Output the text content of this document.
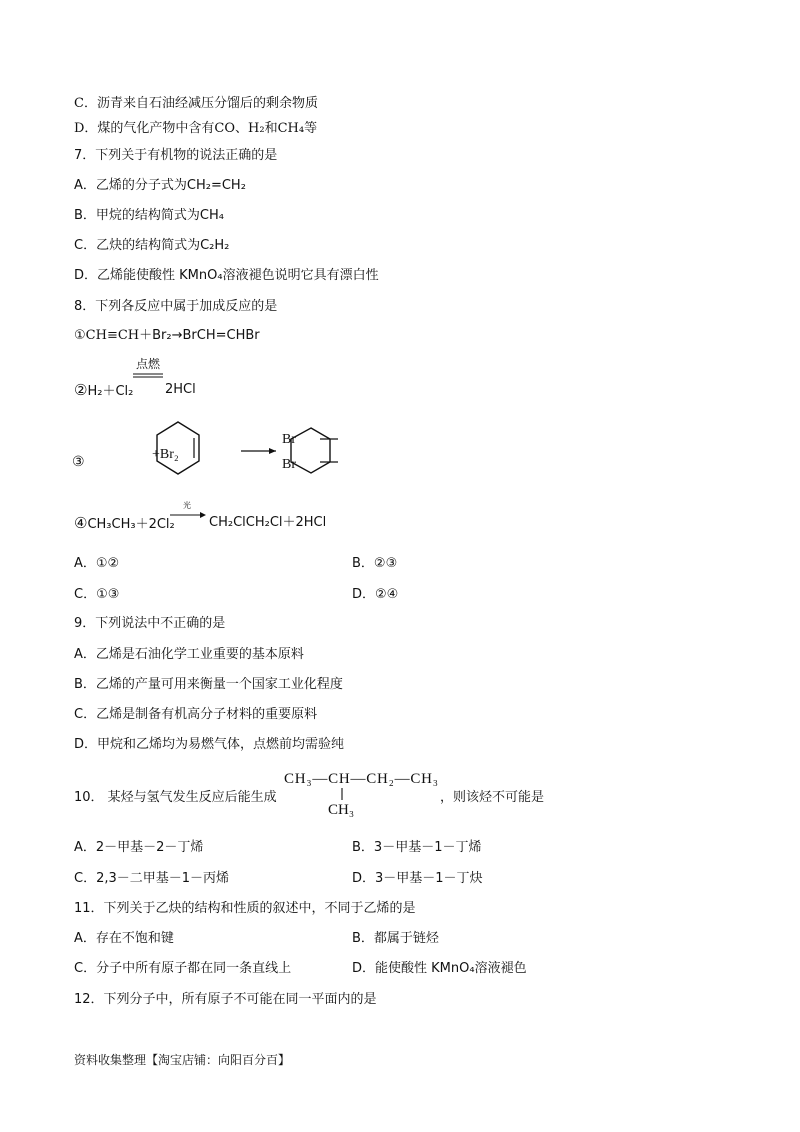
C．沥青来自石油经减压分馏后的剩余物质
D．煤的气化产物中含有CO、H₂和CH₄等
7．下列关于有机物的说法正确的是
A．乙烯的分子式为CH₂=CH₂
B．甲烷的结构简式为CH₄
C．乙炔的结构简式为C₂H₂
D．乙烯能使酸性 KMnO₄溶液褪色说明它具有漂白性
8．下列各反应中属于加成反应的是
①CH≡CH＋Br₂→BrCH=CHBr
点燃
②H₂＋Cl₂ 2HCl
③
+Br₂
Br
Br
光
④CH₃CH₃＋2Cl₂	CH₂ClCH₂Cl＋2HCl
A．①②	B．②③
C．①③	D．②④
9．下列说法中不正确的是
A．乙烯是石油化学工业重要的基本原料
B．乙烯的产量可用来衡量一个国家工业化程度
C．乙烯是制备有机高分子材料的重要原料
D．甲烷和乙烯均为易燃气体，点燃前均需验纯
10． 某烃与氢气发生反应后能生成
CH₃—CH—CH₂—CH₃
CH₃
，则该烃不可能是
A．2－甲基－2－丁烯	B．3－甲基－1－丁烯
C．2,3－二甲基－1－丙烯	D．3－甲基－1－丁炔
11．下列关于乙炔的结构和性质的叙述中，不同于乙烯的是
A．存在不饱和键	B．都属于链烃
C．分子中所有原子都在同一条直线上	D．能使酸性 KMnO₄溶液褪色
12．下列分子中，所有原子不可能在同一平面内的是
资料收集整理【淘宝店铺：向阳百分百】
